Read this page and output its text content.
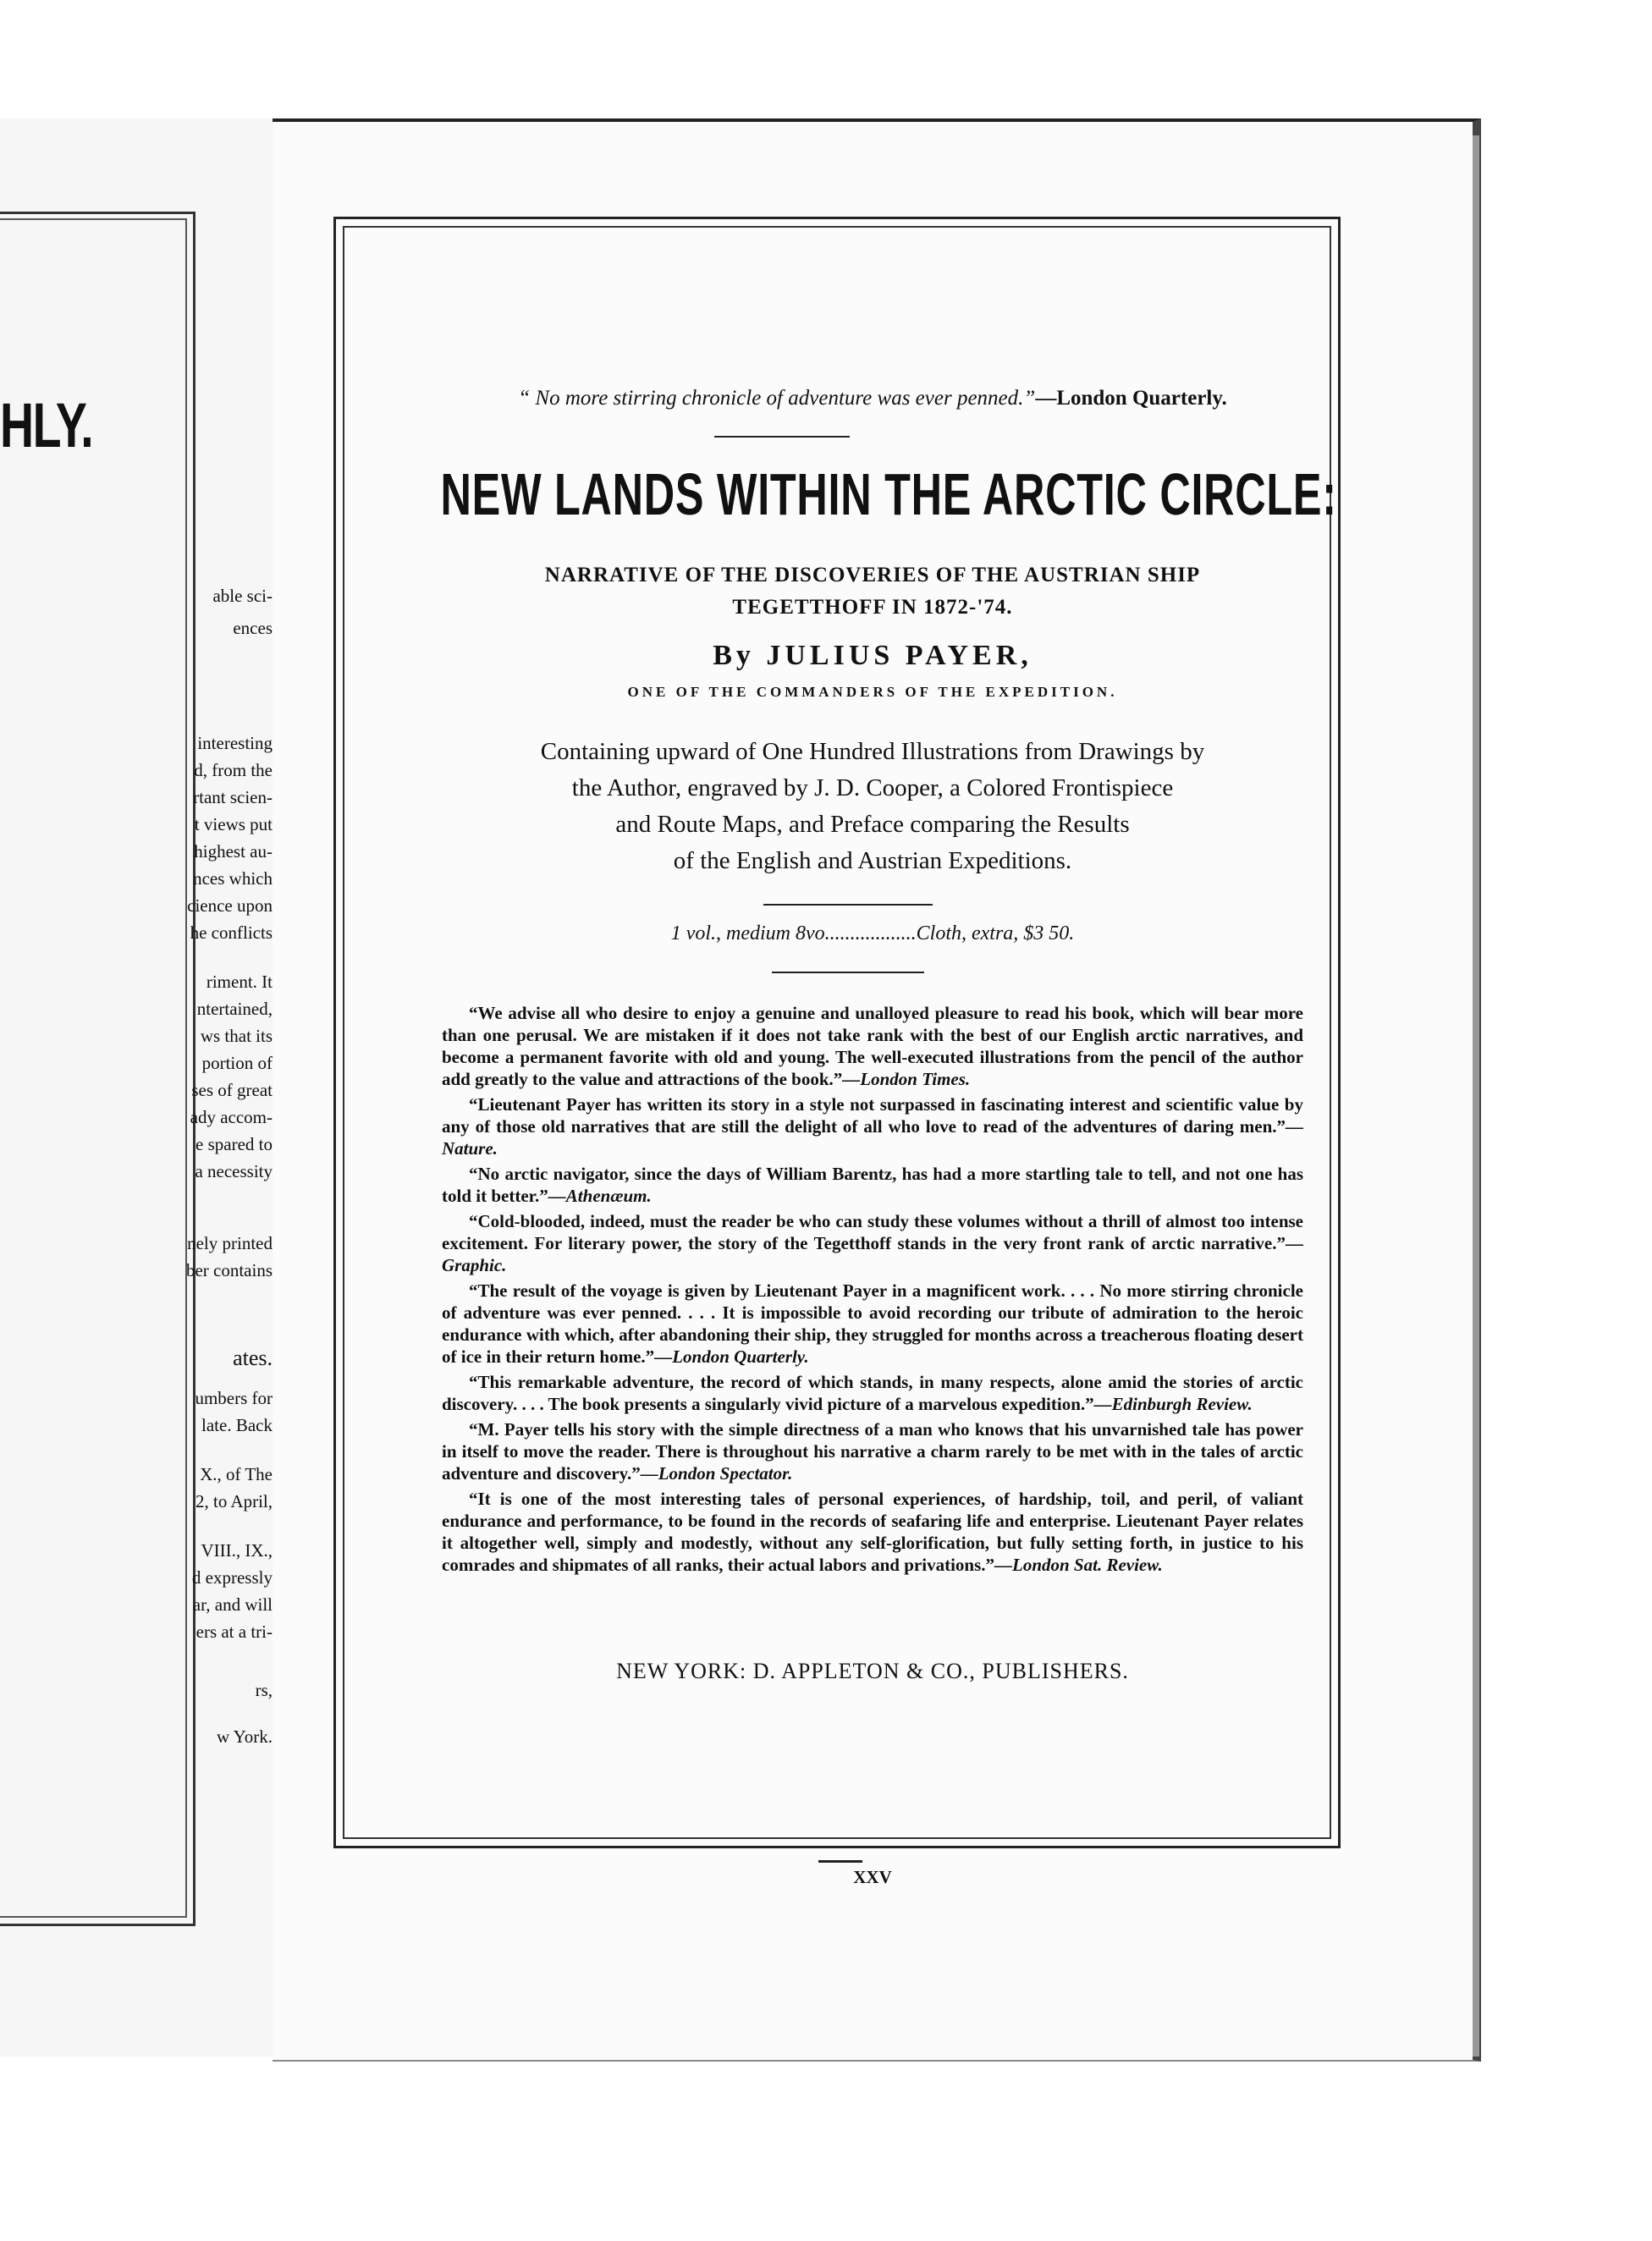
HLY.
able sci-
ences
interesting
d, from the
rtant scien-
t views put
highest au-
nces which
cience upon
he conflicts
riment. It
ntertained,
ws that its
portion of
ses of great
ady accom-
e spared to
a necessity
nely printed
ber contains
ates.
umbers for
late. Back
X., of The
2, to April,
VIII., IX.,
d expressly
ar, and will
ers at a tri-
rs,
w York.
“ No more stirring chronicle of adventure was ever penned.”—London Quarterly.
NEW LANDS WITHIN THE ARCTIC CIRCLE:
NARRATIVE OF THE DISCOVERIES OF THE AUSTRIAN SHIP
TEGETTHOFF IN 1872-'74.
By JULIUS PAYER,
ONE OF THE COMMANDERS OF THE EXPEDITION.
Containing upward of One Hundred Illustrations from Drawings by
the Author, engraved by J. D. Cooper, a Colored Frontispiece
and Route Maps, and Preface comparing the Results
of the English and Austrian Expeditions.
1 vol., medium 8vo..................Cloth, extra, $3 50.

“We advise all who desire to enjoy a genuine and unalloyed pleasure to read his book, which will bear more than one perusal. We are mistaken if it does not take rank with the best of our English arctic narratives, and become a permanent favorite with old and young. The well-executed illustrations from the pencil of the author add greatly to the value and attractions of the book.”—London Times.

“Lieutenant Payer has written its story in a style not surpassed in fascinating interest and scientific value by any of those old narratives that are still the delight of all who love to read of the adventures of daring men.”—Nature.

“No arctic navigator, since the days of William Barentz, has had a more startling tale to tell, and not one has told it better.”—Athenæum.

“Cold-blooded, indeed, must the reader be who can study these volumes without a thrill of almost too intense excitement. For literary power, the story of the Tegetthoff stands in the very front rank of arctic narrative.”—Graphic.

“The result of the voyage is given by Lieutenant Payer in a magnificent work. . . . No more stirring chronicle of adventure was ever penned. . . . It is impossible to avoid recording our tribute of admiration to the heroic endurance with which, after abandoning their ship, they struggled for months across a treacherous floating desert of ice in their return home.”—London Quarterly.

“This remarkable adventure, the record of which stands, in many respects, alone amid the stories of arctic discovery. . . . The book presents a singularly vivid picture of a marvelous expedition.”—Edinburgh Review.

“M. Payer tells his story with the simple directness of a man who knows that his unvarnished tale has power in itself to move the reader. There is throughout his narrative a charm rarely to be met with in the tales of arctic adventure and discovery.”—London Spectator.

“It is one of the most interesting tales of personal experiences, of hardship, toil, and peril, of valiant endurance and performance, to be found in the records of seafaring life and enterprise. Lieutenant Payer relates it altogether well, simply and modestly, without any self-glorification, but fully setting forth, in justice to his comrades and shipmates of all ranks, their actual labors and privations.”—London Sat. Review.

NEW YORK: D. APPLETON & CO., PUBLISHERS.
XXV
